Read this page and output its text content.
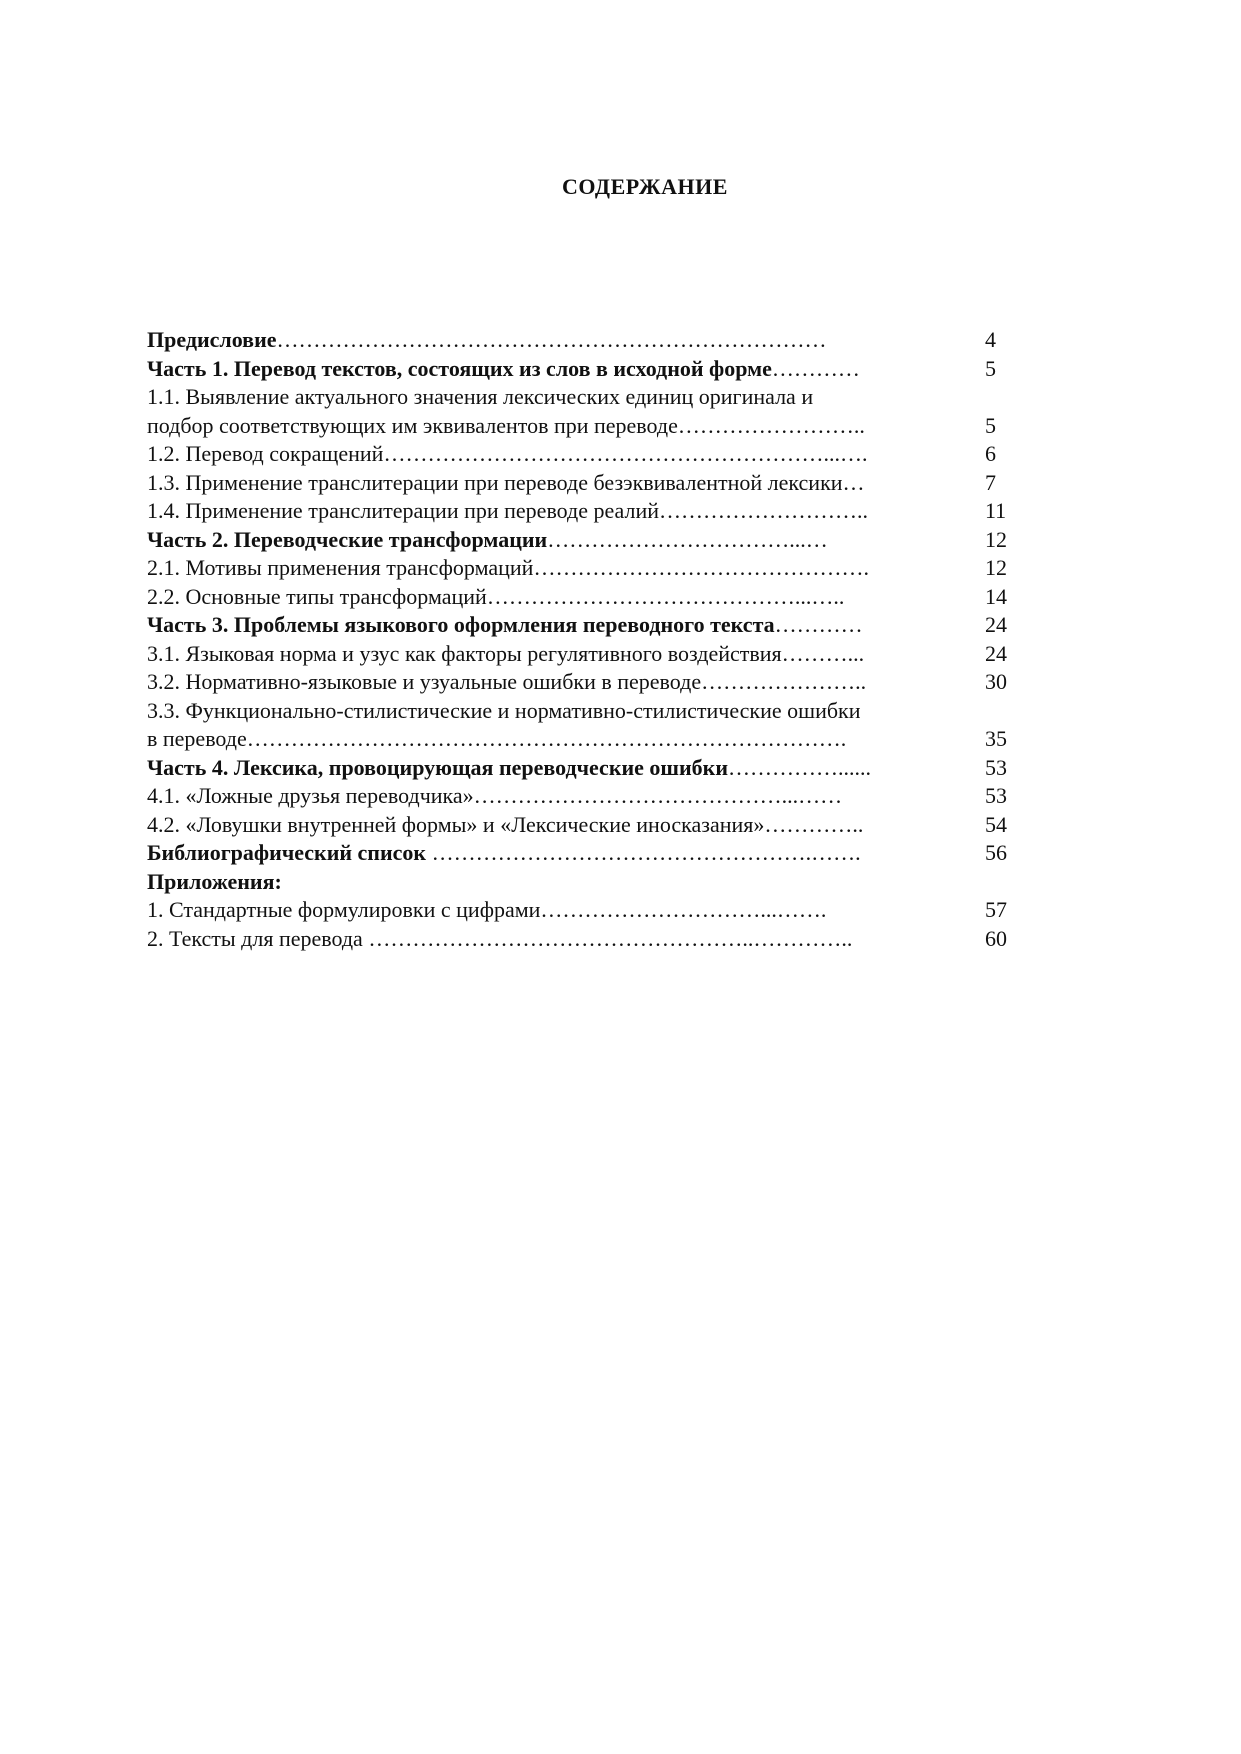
СОДЕРЖАНИЕ
Предисловие…………………………………………………………………	4
Часть 1. Перевод текстов, состоящих из слов в исходной форме…………	5
1.1. Выявление актуального значения лексических единиц оригинала и
подбор соответствующих им эквивалентов при переводе……………………..	5
1.2. Перевод сокращений……………………………………………………...….	6
1.3. Применение транслитерации при переводе безэквивалентной лексики…	7
1.4. Применение транслитерации при переводе реалий………………………..	11
Часть 2. Переводческие трансформации……………………………...…	12
2.1. Мотивы применения трансформаций……………………………………….	12
2.2. Основные типы трансформаций……………………………………...…..	14
Часть 3. Проблемы языкового оформления переводного текста…………	24
3.1. Языковая норма и узус как факторы регулятивного воздействия………...	24
3.2. Нормативно-языковые и узуальные ошибки в переводе…………………..	30
3.3. Функционально-стилистические и нормативно-стилистические ошибки
в переводе……………………………………………………………………….	35
Часть 4. Лексика, провоцирующая переводческие ошибки……………......	53
4.1. «Ложные друзья переводчика»……………………………………...……	53
4.2. «Ловушки внутренней формы» и «Лексические иносказания»…………..	54
Библиографический список …………………………………………….…….	56
Приложения:
1. Стандартные формулировки с цифрами…………………………...…….	57
2. Тексты для перевода ……………………………………………..…………..	60
